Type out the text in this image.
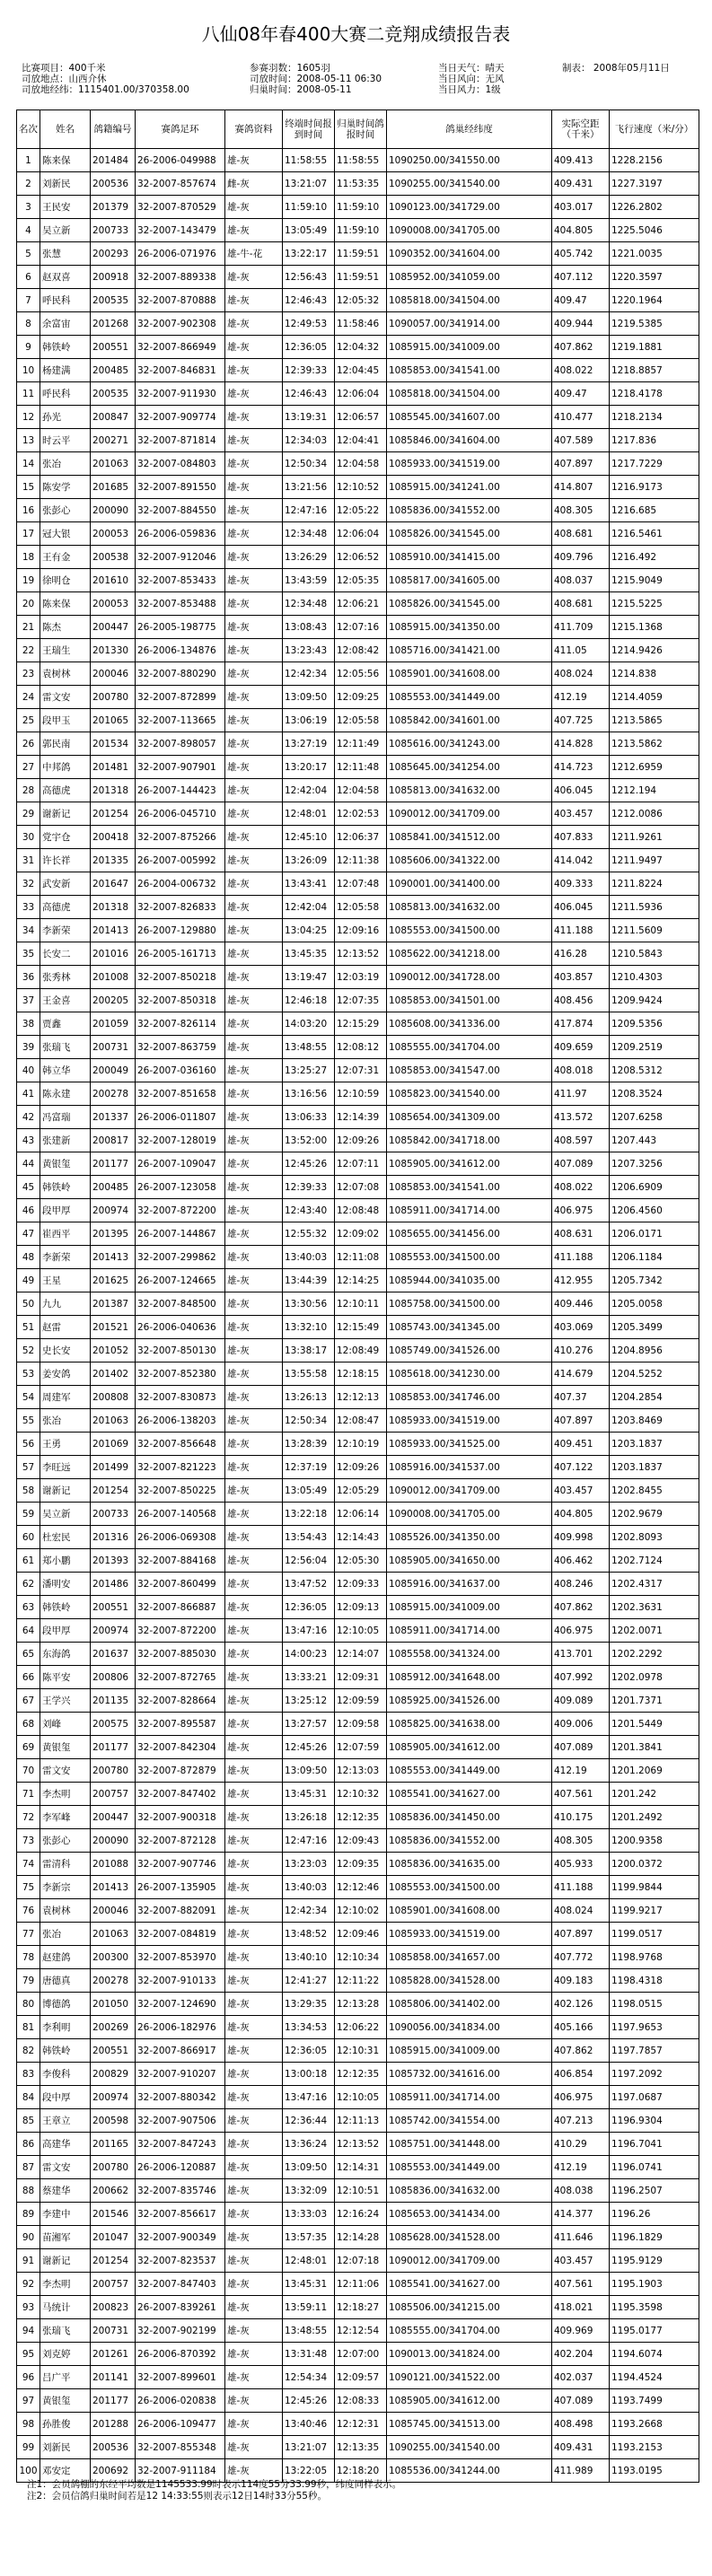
八仙08年春400大赛二竞翔成绩报告表
比赛项目：400千米
司放地点：山西介休
司放地经纬：1115401.00/370358.00
参赛羽数：1605羽
司放时间：2008-05-11 06:30
归巢时间：2008-05-11
当日天气：晴天
当日风向：无风
当日风力：1级
制表： 2008年05月11日
名次	姓名	鸽籍编号	赛鸽足环	赛鸽资料	终端时间报到时间	归巢时间鸽报时间	鸽巢经纬度	实际空距（千米）	飞行速度（米/分）
1	陈来保	201484	26-2006-049988	雄-灰	11:58:55	11:58:55	1090250.00/341550.00	409.413	1228.2156
2	刘新民	200536	32-2007-857674	雌-灰	13:21:07	11:53:35	1090255.00/341540.00	409.431	1227.3197
3	王民安	201379	32-2007-870529	雄-灰	11:59:10	11:59:10	1090123.00/341729.00	403.017	1226.2802
4	吴立新	200733	32-2007-143479	雄-灰	13:05:49	11:59:10	1090008.00/341705.00	404.805	1225.5046
5	张慧	200293	26-2006-071976	雄-牛-花	13:22:17	11:59:51	1090352.00/341604.00	405.742	1221.0035
6	赵双喜	200918	32-2007-889338	雄-灰	12:56:43	11:59:51	1085952.00/341059.00	407.112	1220.3597
7	呼民科	200535	32-2007-870888	雄-灰	12:46:43	12:05:32	1085818.00/341504.00	409.47	1220.1964
8	余富宙	201268	32-2007-902308	雄-灰	12:49:53	11:58:46	1090057.00/341914.00	409.944	1219.5385
9	韩铁岭	200551	32-2007-866949	雄-灰	12:36:05	12:04:32	1085915.00/341009.00	407.862	1219.1881
10	杨建满	200485	32-2007-846831	雄-灰	12:39:33	12:04:45	1085853.00/341541.00	408.022	1218.8857
11	呼民科	200535	32-2007-911930	雄-灰	12:46:43	12:06:04	1085818.00/341504.00	409.47	1218.4178
12	孙光	200847	32-2007-909774	雄-灰	13:19:31	12:06:57	1085545.00/341607.00	410.477	1218.2134
13	时云平	200271	32-2007-871814	雄-灰	12:34:03	12:04:41	1085846.00/341604.00	407.589	1217.836
14	张冶	201063	32-2007-084803	雄-灰	12:50:34	12:04:58	1085933.00/341519.00	407.897	1217.7229
15	陈安学	201685	32-2007-891550	雄-灰	13:21:56	12:10:52	1085915.00/341241.00	414.807	1216.9173
16	张彭心	200090	32-2007-884550	雄-灰	12:47:16	12:05:22	1085836.00/341552.00	408.305	1216.685
17	冠大银	200053	26-2006-059836	雄-灰	12:34:48	12:06:04	1085826.00/341545.00	408.681	1216.5461
18	王有金	200538	32-2007-912046	雄-灰	13:26:29	12:06:52	1085910.00/341415.00	409.796	1216.492
19	徐明仓	201610	32-2007-853433	雄-灰	13:43:59	12:05:35	1085817.00/341605.00	408.037	1215.9049
20	陈来保	200053	32-2007-853488	雄-灰	12:34:48	12:06:21	1085826.00/341545.00	408.681	1215.5225
21	陈杰	200447	26-2005-198775	雄-灰	13:08:43	12:07:16	1085915.00/341350.00	411.709	1215.1368
22	王瑞生	201330	26-2006-134876	雄-灰	13:23:43	12:08:42	1085716.00/341421.00	411.05	1214.9426
23	袁树林	200046	32-2007-880290	雄-灰	12:42:34	12:05:56	1085901.00/341608.00	408.024	1214.838
24	雷文安	200780	32-2007-872899	雄-灰	13:09:50	12:09:25	1085553.00/341449.00	412.19	1214.4059
25	段甲玉	201065	32-2007-113665	雄-灰	13:06:19	12:05:58	1085842.00/341601.00	407.725	1213.5865
26	郭民南	201534	32-2007-898057	雄-灰	13:27:19	12:11:49	1085616.00/341243.00	414.828	1213.5862
27	中邦鸽	201481	32-2007-907901	雄-灰	13:20:17	12:11:48	1085645.00/341254.00	414.723	1212.6959
28	高德虎	201318	26-2007-144423	雄-灰	12:42:04	12:04:58	1085813.00/341632.00	406.045	1212.194
29	谢新记	201254	26-2006-045710	雄-灰	12:48:01	12:02:53	1090012.00/341709.00	403.457	1212.0086
30	党宇仓	200418	32-2007-875266	雄-灰	12:45:10	12:06:37	1085841.00/341512.00	407.833	1211.9261
31	许长祥	201335	26-2007-005992	雄-灰	13:26:09	12:11:38	1085606.00/341322.00	414.042	1211.9497
32	武安新	201647	26-2004-006732	雄-灰	13:43:41	12:07:48	1090001.00/341400.00	409.333	1211.8224
33	高德虎	201318	32-2007-826833	雄-灰	12:42:04	12:05:58	1085813.00/341632.00	406.045	1211.5936
34	李新荣	201413	26-2007-129880	雄-灰	13:04:25	12:09:16	1085553.00/341500.00	411.188	1211.5609
35	长安二	201016	26-2005-161713	雄-灰	13:45:35	12:13:52	1085622.00/341218.00	416.28	1210.5843
36	张秀林	201008	32-2007-850218	雄-灰	13:19:47	12:03:19	1090012.00/341728.00	403.857	1210.4303
37	王金喜	200205	32-2007-850318	雄-灰	12:46:18	12:07:35	1085853.00/341501.00	408.456	1209.9424
38	贾鑫	201059	32-2007-826114	雄-灰	14:03:20	12:15:29	1085608.00/341336.00	417.874	1209.5356
39	张瑞飞	200731	32-2007-863759	雄-灰	13:48:55	12:08:12	1085555.00/341704.00	409.659	1209.2519
40	韩立华	200049	26-2007-036160	雄-灰	13:25:27	12:07:31	1085853.00/341547.00	408.018	1208.5312
41	陈永建	200278	32-2007-851658	雄-灰	13:16:56	12:10:59	1085823.00/341540.00	411.97	1208.3524
42	冯富瑞	201337	26-2006-011807	雄-灰	13:06:33	12:14:39	1085654.00/341309.00	413.572	1207.6258
43	张建新	200817	32-2007-128019	雄-灰	13:52:00	12:09:26	1085842.00/341718.00	408.597	1207.443
44	黄银玺	201177	26-2007-109047	雄-灰	12:45:26	12:07:11	1085905.00/341612.00	407.089	1207.3256
45	韩铁岭	200485	26-2007-123058	雄-灰	12:39:33	12:07:08	1085853.00/341541.00	408.022	1206.6909
46	段甲厚	200974	32-2007-872200	雄-灰	12:43:40	12:08:48	1085911.00/341714.00	406.975	1206.4560
47	崔西平	201395	26-2007-144867	雄-灰	12:55:32	12:09:02	1085655.00/341456.00	408.631	1206.0171
48	李新荣	201413	32-2007-299862	雄-灰	13:40:03	12:11:08	1085553.00/341500.00	411.188	1206.1184
49	王星	201625	26-2007-124665	雄-灰	13:44:39	12:14:25	1085944.00/341035.00	412.955	1205.7342
50	九九	201387	32-2007-848500	雄-灰	13:30:56	12:10:11	1085758.00/341500.00	409.446	1205.0058
51	赵雷	201521	26-2006-040636	雄-灰	13:32:10	12:15:49	1085743.00/341345.00	403.069	1205.3499
52	史长安	201052	32-2007-850130	雄-灰	13:38:17	12:08:49	1085749.00/341526.00	410.276	1204.8956
53	姜安鸽	201402	32-2007-852380	雄-灰	13:55:58	12:18:15	1085618.00/341230.00	414.679	1204.5252
54	周建军	200808	32-2007-830873	雄-灰	13:26:13	12:12:13	1085853.00/341746.00	407.37	1204.2854
55	张冶	201063	26-2006-138203	雄-灰	12:50:34	12:08:47	1085933.00/341519.00	407.897	1203.8469
56	王勇	201069	32-2007-856648	雄-灰	13:28:39	12:10:19	1085933.00/341525.00	409.451	1203.1837
57	李旺远	201499	32-2007-821223	雄-灰	12:37:19	12:09:26	1085916.00/341537.00	407.122	1203.1837
58	谢新记	201254	32-2007-850225	雄-灰	13:05:49	12:05:29	1090012.00/341709.00	403.457	1202.8455
59	吴立新	200733	26-2007-140568	雄-灰	13:22:18	12:06:14	1090008.00/341705.00	404.805	1202.9679
60	杜宏民	201316	26-2006-069308	雄-灰	13:54:43	12:14:43	1085526.00/341350.00	409.998	1202.8093
61	郑小鹏	201393	32-2007-884168	雄-灰	12:56:04	12:05:30	1085905.00/341650.00	406.462	1202.7124
62	潘明安	201486	32-2007-860499	雄-灰	13:47:52	12:09:33	1085916.00/341637.00	408.246	1202.4317
63	韩铁岭	200551	32-2007-866887	雄-灰	12:36:05	12:09:13	1085915.00/341009.00	407.862	1202.3631
64	段甲厚	200974	32-2007-872200	雄-灰	13:47:16	12:10:05	1085911.00/341714.00	406.975	1202.0071
65	东海鸽	201637	32-2007-885030	雄-灰	14:00:23	12:14:07	1085558.00/341324.00	413.701	1202.2292
66	陈平安	200806	32-2007-872765	雄-灰	13:33:21	12:09:31	1085912.00/341648.00	407.992	1202.0978
67	王学兴	201135	32-2007-828664	雄-灰	13:25:12	12:09:59	1085925.00/341526.00	409.089	1201.7371
68	刘峰	200575	32-2007-895587	雄-灰	13:27:57	12:09:58	1085825.00/341638.00	409.006	1201.5449
69	黄银玺	201177	32-2007-842304	雄-灰	12:45:26	12:07:59	1085905.00/341612.00	407.089	1201.3841
70	雷文安	200780	32-2007-872879	雄-灰	13:09:50	12:13:03	1085553.00/341449.00	412.19	1201.2069
71	李杰明	200757	32-2007-847402	雄-灰	13:45:31	12:10:32	1085541.00/341627.00	407.561	1201.242
72	李军峰	200447	32-2007-900318	雄-灰	13:26:18	12:12:35	1085836.00/341450.00	410.175	1201.2492
73	张彭心	200090	32-2007-872128	雄-灰	12:47:16	12:09:43	1085836.00/341552.00	408.305	1200.9358
74	雷清科	201088	32-2007-907746	雄-灰	13:23:03	12:09:35	1085836.00/341635.00	405.933	1200.0372
75	李新宗	201413	26-2007-135905	雄-灰	13:40:03	12:12:46	1085553.00/341500.00	411.188	1199.9844
76	袁树林	200046	32-2007-882091	雄-灰	12:42:34	12:10:02	1085901.00/341608.00	408.024	1199.9217
77	张冶	201063	32-2007-084819	雄-灰	13:48:52	12:09:46	1085933.00/341519.00	407.897	1199.0517
78	赵建鸽	200300	32-2007-853970	雄-灰	13:40:10	12:10:34	1085858.00/341657.00	407.772	1198.9768
79	唐德真	200278	32-2007-910133	雄-灰	12:41:27	12:11:22	1085828.00/341528.00	409.183	1198.4318
80	博德鸽	201050	32-2007-124690	雄-灰	13:29:35	12:13:28	1085806.00/341402.00	402.126	1198.0515
81	李利明	200269	26-2006-182976	雄-灰	13:34:53	12:06:22	1090056.00/341834.00	405.166	1197.9653
82	韩铁岭	200551	32-2007-866917	雄-灰	12:36:05	12:10:31	1085915.00/341009.00	407.862	1197.7857
83	李俊科	200829	32-2007-910207	雄-灰	13:00:18	12:12:35	1085732.00/341616.00	406.854	1197.2092
84	段中厚	200974	32-2007-880342	雄-灰	13:47:16	12:10:05	1085911.00/341714.00	406.975	1197.0687
85	王章立	200598	32-2007-907506	雄-灰	12:36:44	12:11:13	1085742.00/341554.00	407.213	1196.9304
86	高建华	201165	32-2007-847243	雄-灰	13:36:24	12:13:52	1085751.00/341448.00	410.29	1196.7041
87	雷文安	200780	26-2006-120887	雄-灰	13:09:50	12:14:31	1085553.00/341449.00	412.19	1196.0741
88	蔡建华	200662	32-2007-835746	雄-灰	13:32:09	12:10:51	1085836.00/341632.00	408.038	1196.2507
89	李建中	201546	32-2007-856617	雄-灰	13:33:03	12:16:24	1085653.00/341434.00	414.377	1196.26
90	苗湘军	201047	32-2007-900349	雄-灰	13:57:35	12:14:28	1085628.00/341528.00	411.646	1196.1829
91	谢新记	201254	32-2007-823537	雄-灰	12:48:01	12:07:18	1090012.00/341709.00	403.457	1195.9129
92	李杰明	200757	32-2007-847403	雄-灰	13:45:31	12:11:06	1085541.00/341627.00	407.561	1195.1903
93	马统计	200823	26-2007-839261	雄-灰	13:59:11	12:18:27	1085506.00/341215.00	418.021	1195.3598
94	张瑞飞	200731	32-2007-902199	雄-灰	13:48:55	12:12:54	1085555.00/341704.00	409.969	1195.0177
95	刘克婷	201261	26-2006-870392	雄-灰	13:31:48	12:07:00	1090013.00/341824.00	402.204	1194.6074
96	吕广平	201141	32-2007-899601	雄-灰	12:54:34	12:09:57	1090121.00/341522.00	402.037	1194.4524
97	黄银玺	201177	26-2006-020838	雄-灰	12:45:26	12:08:33	1085905.00/341612.00	407.089	1193.7499
98	孙胜俊	201288	26-2006-109477	雄-灰	13:40:46	12:12:31	1085745.00/341513.00	408.498	1193.2668
99	刘新民	200536	32-2007-855348	雄-灰	13:21:07	12:13:35	1090255.00/341540.00	409.431	1193.2153
100	邓安定	200692	32-2007-911184	雄-灰	13:22:05	12:18:20	1085536.00/341244.00	411.989	1193.0195
注1：会员鸽棚的东经平均数是1145533.99时表示114度55分33.99秒，纬度同样表示。
注2：会员信鸽归巢时间若是12 14:33:55则表示12日14时33分55秒。
